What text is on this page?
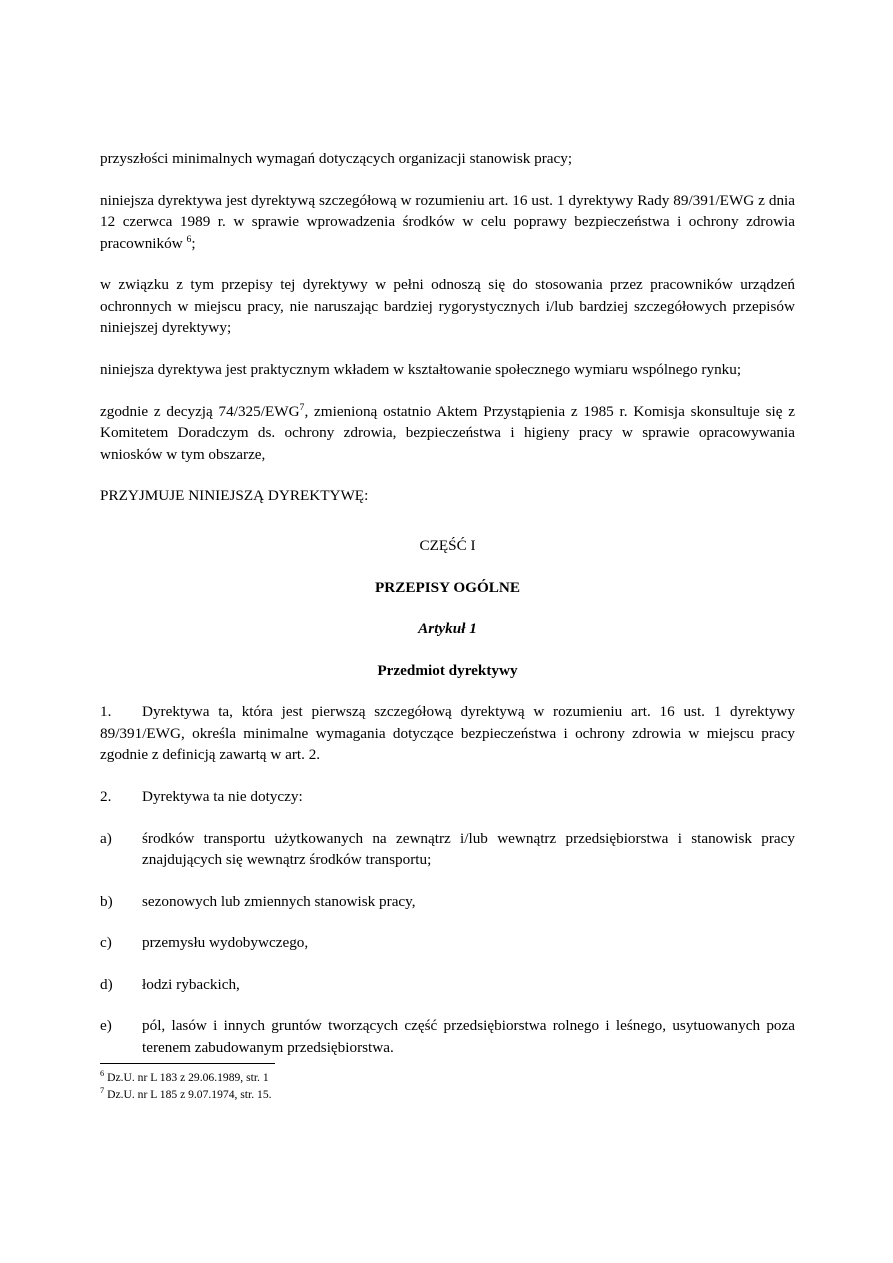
przyszłości minimalnych wymagań dotyczących organizacji stanowisk pracy;

niniejsza dyrektywa jest dyrektywą szczegółową w rozumieniu art. 16 ust. 1 dyrektywy Rady 89/391/EWG z dnia 12 czerwca 1989 r. w sprawie wprowadzenia środków w celu poprawy bezpieczeństwa i ochrony zdrowia pracowników $^6$;

w związku z tym przepisy tej dyrektywy w pełni odnoszą się do stosowania przez pracowników urządzeń ochronnych w miejscu pracy, nie naruszając bardziej rygorystycznych i/lub bardziej szczegółowych przepisów niniejszej dyrektywy;

niniejsza dyrektywa jest praktycznym wkładem w kształtowanie społecznego wymiaru wspólnego rynku;

zgodnie z decyzją 74/325/EWG$^7$, zmienioną ostatnio Aktem Przystąpienia z 1985 r. Komisja skonsultuje się z Komitetem Doradczym ds. ochrony zdrowia, bezpieczeństwa i higieny pracy w sprawie opracowywania wniosków w tym obszarze,

PRZYJMUJE NINIEJSZĄ DYREKTYWĘ:

CZĘŚĆ I
PRZEPISY OGÓLNE
Artykuł 1
Przedmiot dyrektywy
1. Dyrektywa ta, która jest pierwszą szczegółową dyrektywą w rozumieniu art. 16 ust. 1 dyrektywy 89/391/EWG, określa minimalne wymagania dotyczące bezpieczeństwa i ochrony zdrowia w miejscu pracy zgodnie z definicją zawartą w art. 2.
2. Dyrektywa ta nie dotyczy:
a)	środków transportu użytkowanych na zewnątrz i/lub wewnątrz przedsiębiorstwa i stanowisk pracy znajdujących się wewnątrz środków transportu;
b)	sezonowych lub zmiennych stanowisk pracy,
c)	przemysłu wydobywczego,
d)	łodzi rybackich,
e)	pól, lasów i innych gruntów tworzących część przedsiębiorstwa rolnego i leśnego, usytuowanych poza terenem zabudowanym przedsiębiorstwa.

$^6$ Dz.U. nr L 183 z 29.06.1989, str. 1

$^7$ Dz.U. nr L 185 z 9.07.1974, str. 15.
